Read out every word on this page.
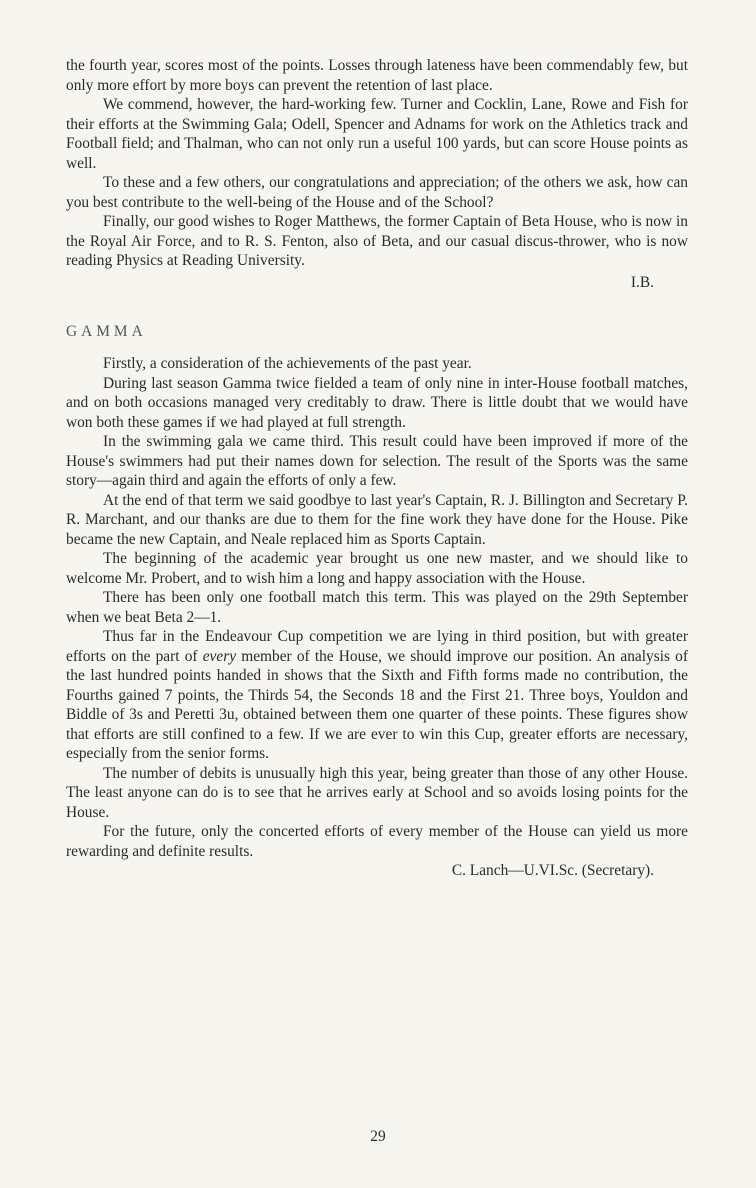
the fourth year, scores most of the points. Losses through lateness have been commendably few, but only more effort by more boys can prevent the retention of last place.

We commend, however, the hard-working few. Turner and Cocklin, Lane, Rowe and Fish for their efforts at the Swimming Gala; Odell, Spencer and Adnams for work on the Athletics track and Football field; and Thalman, who can not only run a useful 100 yards, but can score House points as well.

To these and a few others, our congratulations and appreciation; of the others we ask, how can you best contribute to the well-being of the House and of the School?

Finally, our good wishes to Roger Matthews, the former Captain of Beta House, who is now in the Royal Air Force, and to R. S. Fenton, also of Beta, and our casual discus-thrower, who is now reading Physics at Reading University.

I.B.
GAMMA

Firstly, a consideration of the achievements of the past year.

During last season Gamma twice fielded a team of only nine in inter-House football matches, and on both occasions managed very creditably to draw. There is little doubt that we would have won both these games if we had played at full strength.

In the swimming gala we came third. This result could have been improved if more of the House's swimmers had put their names down for selection. The result of the Sports was the same story—again third and again the efforts of only a few.

At the end of that term we said goodbye to last year's Captain, R. J. Billington and Secretary P. R. Marchant, and our thanks are due to them for the fine work they have done for the House. Pike became the new Captain, and Neale replaced him as Sports Captain.

The beginning of the academic year brought us one new master, and we should like to welcome Mr. Probert, and to wish him a long and happy association with the House.

There has been only one football match this term. This was played on the 29th September when we beat Beta 2—1.

Thus far in the Endeavour Cup competition we are lying in third position, but with greater efforts on the part of every member of the House, we should improve our position. An analysis of the last hundred points handed in shows that the Sixth and Fifth forms made no contribution, the Fourths gained 7 points, the Thirds 54, the Seconds 18 and the First 21. Three boys, Youldon and Biddle of 3s and Peretti 3u, obtained between them one quarter of these points. These figures show that efforts are still confined to a few. If we are ever to win this Cup, greater efforts are necessary, especially from the senior forms.

The number of debits is unusually high this year, being greater than those of any other House. The least anyone can do is to see that he arrives early at School and so avoids losing points for the House.

For the future, only the concerted efforts of every member of the House can yield us more rewarding and definite results.

C. Lanch—U.VI.Sc. (Secretary).
29
